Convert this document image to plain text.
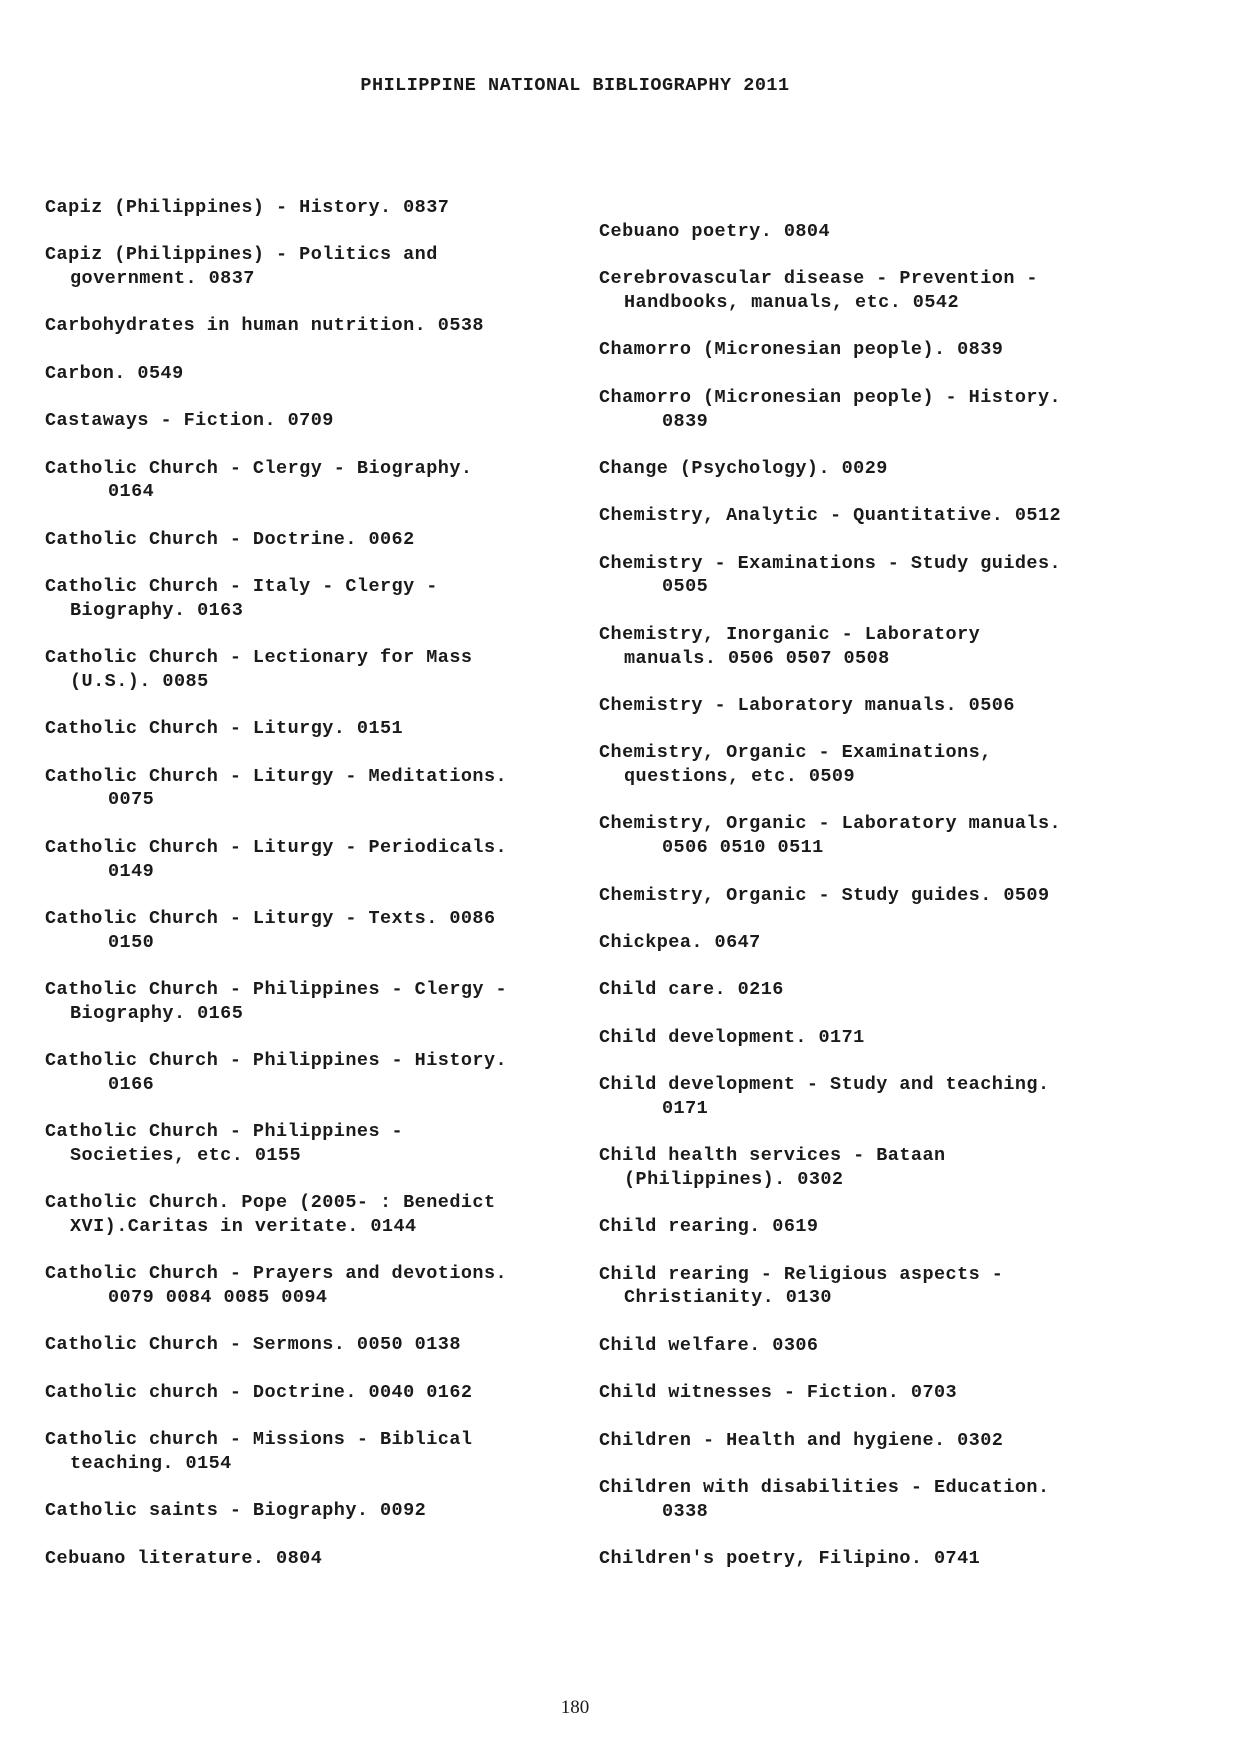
PHILIPPINE NATIONAL BIBLIOGRAPHY 2011
Capiz (Philippines) - History. 0837
Capiz (Philippines) - Politics and
government. 0837
Carbohydrates in human nutrition. 0538
Carbon. 0549
Castaways - Fiction. 0709
Catholic Church - Clergy - Biography.
0164
Catholic Church - Doctrine. 0062
Catholic Church - Italy - Clergy -
Biography. 0163
Catholic Church - Lectionary for Mass
(U.S.). 0085
Catholic Church - Liturgy. 0151
Catholic Church - Liturgy - Meditations.
0075
Catholic Church - Liturgy - Periodicals.
0149
Catholic Church - Liturgy - Texts. 0086
0150
Catholic Church - Philippines - Clergy -
Biography. 0165
Catholic Church - Philippines - History.
0166
Catholic Church - Philippines -
Societies, etc. 0155
Catholic Church. Pope (2005- : Benedict
XVI).Caritas in veritate. 0144
Catholic Church - Prayers and devotions.
0079 0084 0085 0094
Catholic Church - Sermons. 0050 0138
Catholic church - Doctrine. 0040 0162
Catholic church - Missions - Biblical
teaching. 0154
Catholic saints - Biography. 0092
Cebuano literature. 0804
Cebuano poetry. 0804
Cerebrovascular disease - Prevention -
Handbooks, manuals, etc. 0542
Chamorro (Micronesian people). 0839
Chamorro (Micronesian people) - History.
0839
Change (Psychology). 0029
Chemistry, Analytic - Quantitative. 0512
Chemistry - Examinations - Study guides.
0505
Chemistry, Inorganic - Laboratory
manuals. 0506 0507 0508
Chemistry - Laboratory manuals. 0506
Chemistry, Organic - Examinations,
questions, etc. 0509
Chemistry, Organic - Laboratory manuals.
0506 0510 0511
Chemistry, Organic - Study guides. 0509
Chickpea. 0647
Child care. 0216
Child development. 0171
Child development - Study and teaching.
0171
Child health services - Bataan
(Philippines). 0302
Child rearing. 0619
Child rearing - Religious aspects -
Christianity. 0130
Child welfare. 0306
Child witnesses - Fiction. 0703
Children - Health and hygiene. 0302
Children with disabilities - Education.
0338
Children's poetry, Filipino. 0741
180
